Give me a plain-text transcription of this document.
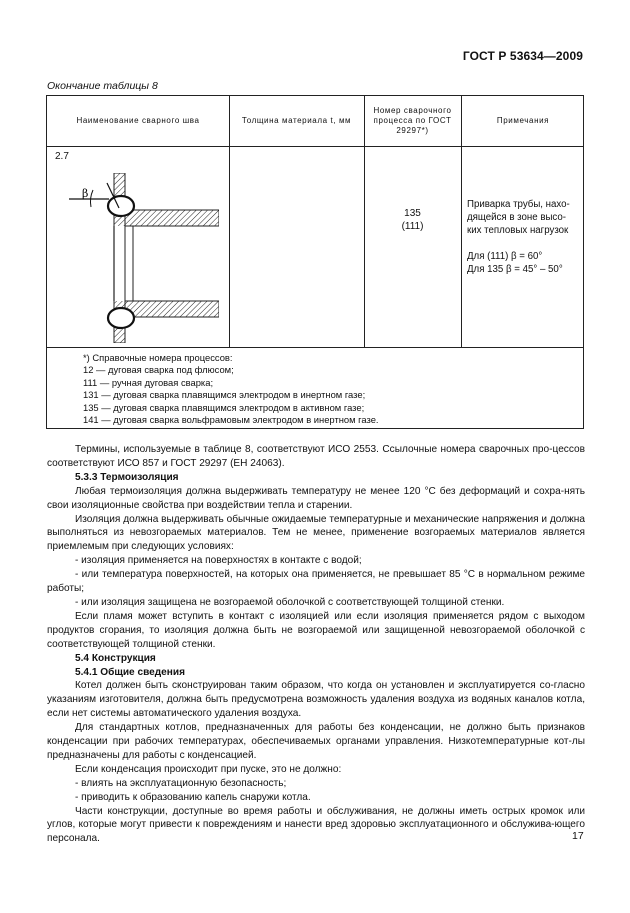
ГОСТ Р 53634—2009
Окончание таблицы 8
Наименование сварного шва	Толщина материала t, мм
Номер сварочного процесса по ГОСТ 29297*)
Примечания
2.7
β
135
(111)

Приварка трубы, нахо-

дящейся в зоне высо-

ких тепловых нагрузок

Для (111) β = 60°

Для 135 β = 45° – 50°

*) Справочные номера процессов:
12 — дуговая сварка под флюсом;
111 — ручная дуговая сварка;
131 — дуговая сварка плавящимся электродом в инертном газе;
135 — дуговая сварка плавящимся электродом в активном газе;
141 — дуговая сварка вольфрамовым электродом в инертном газе.

Термины, используемые в таблице 8, соответствуют ИСО 2553. Ссылочные номера сварочных про-цессов соответствуют ИСО 857 и ГОСТ 29297 (ЕН 24063).

5.3.3 Термоизоляция

Любая термоизоляция должна выдерживать температуру не менее 120 °С без деформаций и сохра-нять свои изоляционные свойства при воздействии тепла и старении.

Изоляция должна выдерживать обычные ожидаемые температурные и механические напряжения и должна выполняться из невозгораемых материалов. Тем не менее, применение возгораемых материалов является приемлемым при следующих условиях:

- изоляция применяется на поверхностях в контакте с водой;

- или температура поверхностей, на которых она применяется, не превышает 85 °С в нормальном режиме работы;

- или изоляция защищена не возгораемой оболочкой с соответствующей толщиной стенки.

Если пламя может вступить в контакт с изоляцией или если изоляция применяется рядом с выходом продуктов сгорания, то изоляция должна быть не возгораемой или защищенной невозгораемой оболочкой с соответствующей толщиной стенки.

5.4 Конструкция

5.4.1 Общие сведения

Котел должен быть сконструирован таким образом, что когда он установлен и эксплуатируется со-гласно указаниям изготовителя, должна быть предусмотрена возможность удаления воздуха из водяных каналов котла, если нет системы автоматического удаления воздуха.

Для стандартных котлов, предназначенных для работы без конденсации, не должно быть признаков конденсации при рабочих температурах, обеспечиваемых органами управления. Низкотемпературные кот-лы предназначены для работы с конденсацией.

Если конденсация происходит при пуске, это не должно:

- влиять на эксплуатационную безопасность;

- приводить к образованию капель снаружи котла.

Части конструкции, доступные во время работы и обслуживания, не должны иметь острых кромок или углов, которые могут привести к повреждениям и нанести вред здоровью эксплуатационного и обслужива-ющего персонала.	17
